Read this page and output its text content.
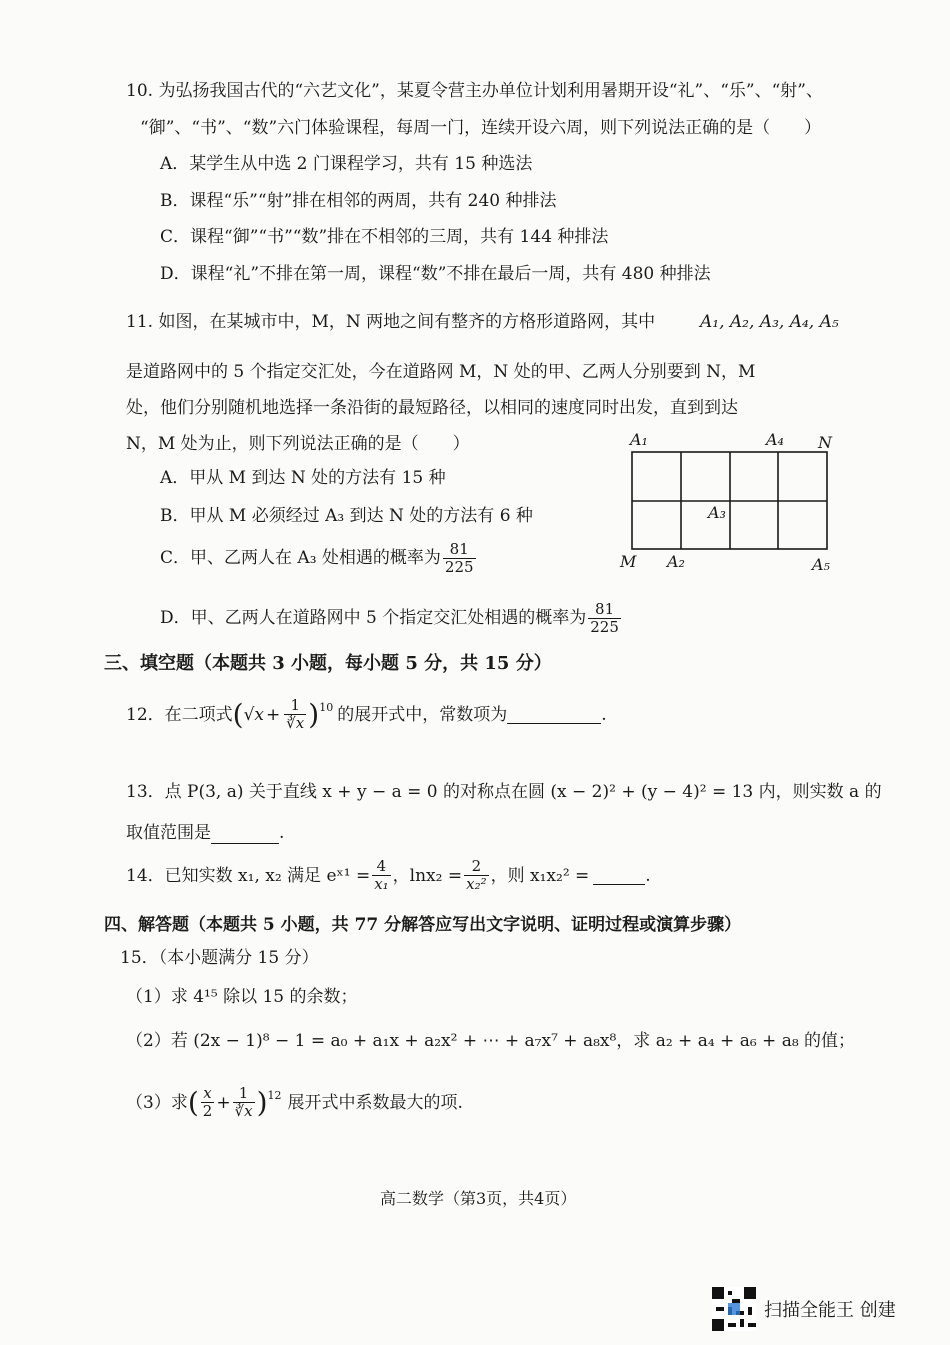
10. 为弘扬我国古代的“六艺文化”，某夏令营主办单位计划利用暑期开设“礼”、“乐”、“射”、
“御”、“书”、“数”六门体验课程，每周一门，连续开设六周，则下列说法正确的是（　　）
A．某学生从中选 2 门课程学习，共有 15 种选法
B．课程“乐”“射”排在相邻的两周，共有 240 种排法
C．课程“御”“书”“数”排在不相邻的三周，共有 144 种排法
D．课程“礼”不排在第一周，课程“数”不排在最后一周，共有 480 种排法
11. 如图，在某城市中，M，N 两地之间有整齐的方格形道路网，其中	A₁, A₂, A₃, A₄, A₅
是道路网中的 5 个指定交汇处，今在道路网 M，N 处的甲、乙两人分别要到 N，M
处，他们分别随机地选择一条沿街的最短路径，以相同的速度同时出发，直到到达
N，M 处为止，则下列说法正确的是（　　）
A．甲从 M 到达 N 处的方法有 15 种
B．甲从 M 必须经过 A₃ 到达 N 处的方法有 6 种
C．甲、乙两人在 A₃ 处相遇的概率为 $\frac{81}{225}$
D．甲、乙两人在道路网中 5 个指定交汇处相遇的概率为 $\frac{81}{225}$
A₁	A₄ N
A₃
M A₂	A₅
三、填空题（本题共 3 小题，每小题 5 分，共 15 分）
12．在二项式 ( $√x + \frac{1}{∛x} )^{10}$ 的展开式中，常数项为	.
13．点 P(3, a) 关于直线 x + y − a = 0 的对称点在圆 (x − 2)² + (y − 4)² = 13 内，则实数 a 的
取值范围是	.
14．已知实数 x₁, x₂ 满足 eˣ¹ = $\frac{4}{\text{x₁}}$ ，$\ln x_2 = \frac{2}{\text{x₂²}}$ ，则 x₁x₂² =	.
四、解答题（本题共 5 小题，共 77 分解答应写出文字说明、证明过程或演算步骤）
15．（本小题满分 15 分）
（1）求 4¹⁵ 除以 15 的余数；
（2）若 (2x − 1)⁸ − 1 = a₀ + a₁x + a₂x² + ⋯ + a₇x⁷ + a₈x⁸，求 a₂ + a₄ + a₆ + a₈ 的值；
（3）求 ( $\frac{x}{2} + \frac{1}{∛x} )^{12}$ 展开式中系数最大的项.
高二数学（第3页，共4页）
扫描全能王 创建
